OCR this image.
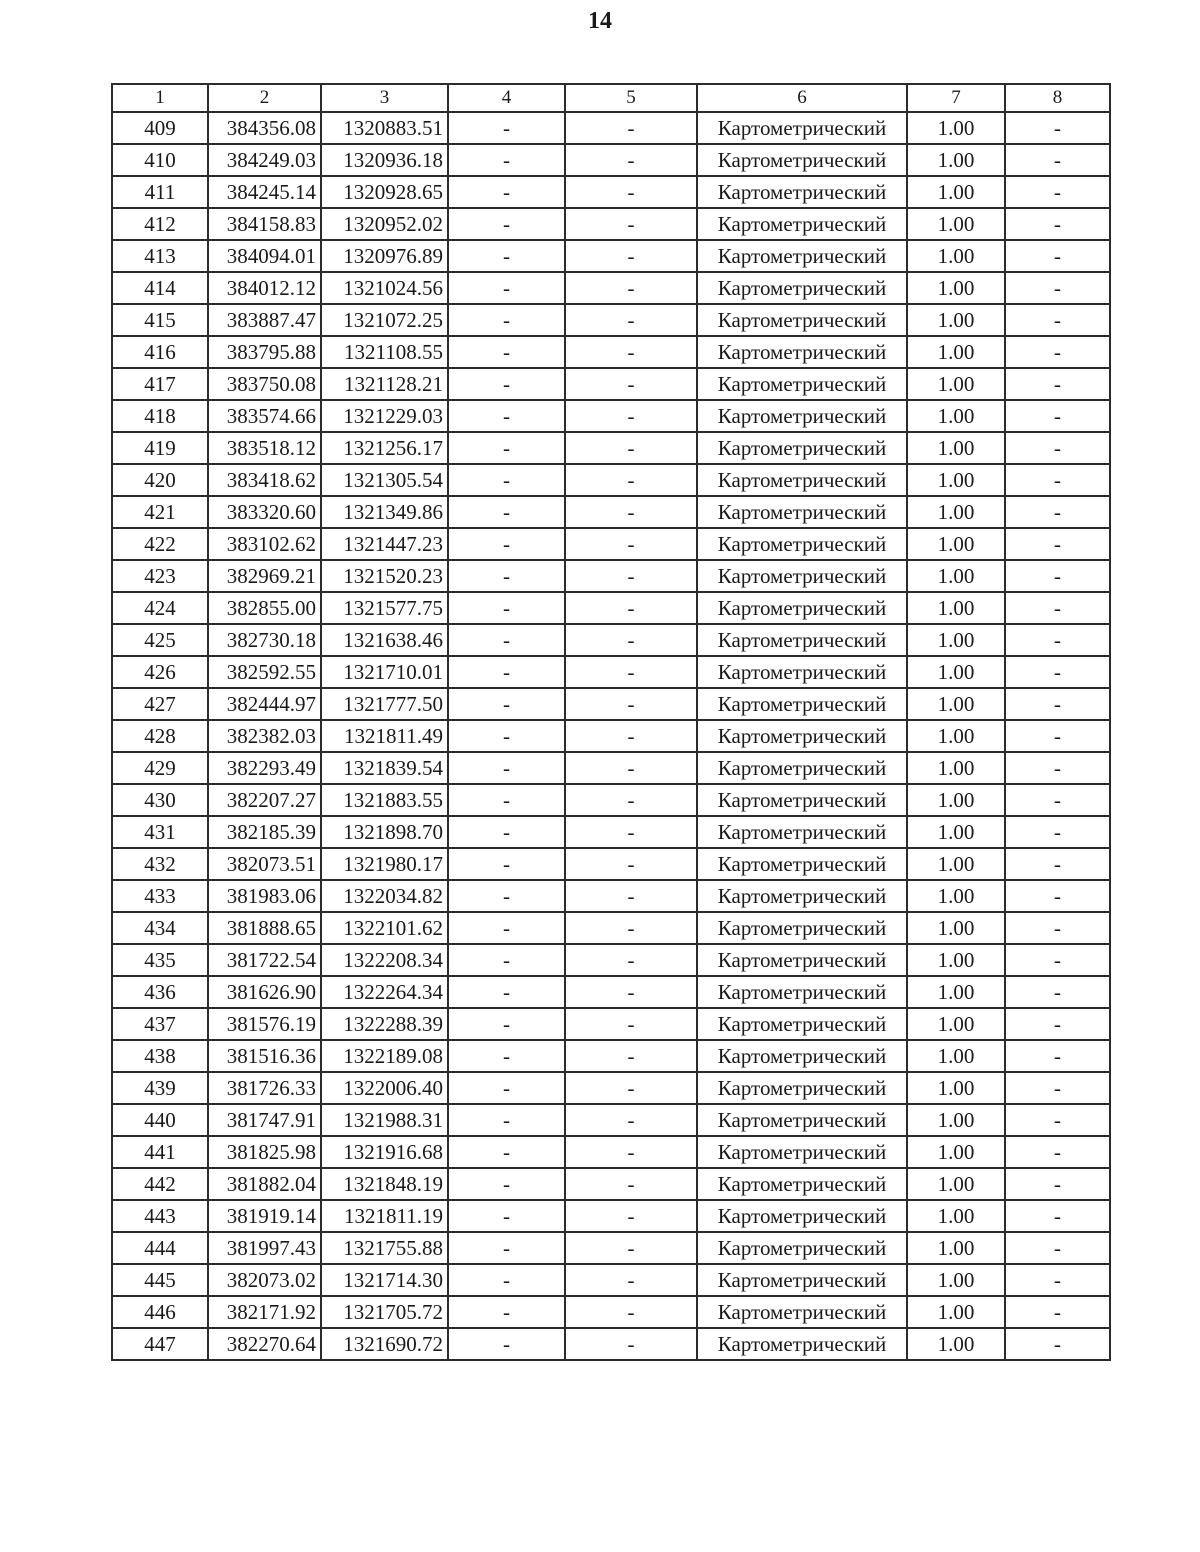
14
1	2	3	4	5	6	7	8
409	384356.08	1320883.51	-	-	Картометрический	1.00	-
410	384249.03	1320936.18	-	-	Картометрический	1.00	-
411	384245.14	1320928.65	-	-	Картометрический	1.00	-
412	384158.83	1320952.02	-	-	Картометрический	1.00	-
413	384094.01	1320976.89	-	-	Картометрический	1.00	-
414	384012.12	1321024.56	-	-	Картометрический	1.00	-
415	383887.47	1321072.25	-	-	Картометрический	1.00	-
416	383795.88	1321108.55	-	-	Картометрический	1.00	-
417	383750.08	1321128.21	-	-	Картометрический	1.00	-
418	383574.66	1321229.03	-	-	Картометрический	1.00	-
419	383518.12	1321256.17	-	-	Картометрический	1.00	-
420	383418.62	1321305.54	-	-	Картометрический	1.00	-
421	383320.60	1321349.86	-	-	Картометрический	1.00	-
422	383102.62	1321447.23	-	-	Картометрический	1.00	-
423	382969.21	1321520.23	-	-	Картометрический	1.00	-
424	382855.00	1321577.75	-	-	Картометрический	1.00	-
425	382730.18	1321638.46	-	-	Картометрический	1.00	-
426	382592.55	1321710.01	-	-	Картометрический	1.00	-
427	382444.97	1321777.50	-	-	Картометрический	1.00	-
428	382382.03	1321811.49	-	-	Картометрический	1.00	-
429	382293.49	1321839.54	-	-	Картометрический	1.00	-
430	382207.27	1321883.55	-	-	Картометрический	1.00	-
431	382185.39	1321898.70	-	-	Картометрический	1.00	-
432	382073.51	1321980.17	-	-	Картометрический	1.00	-
433	381983.06	1322034.82	-	-	Картометрический	1.00	-
434	381888.65	1322101.62	-	-	Картометрический	1.00	-
435	381722.54	1322208.34	-	-	Картометрический	1.00	-
436	381626.90	1322264.34	-	-	Картометрический	1.00	-
437	381576.19	1322288.39	-	-	Картометрический	1.00	-
438	381516.36	1322189.08	-	-	Картометрический	1.00	-
439	381726.33	1322006.40	-	-	Картометрический	1.00	-
440	381747.91	1321988.31	-	-	Картометрический	1.00	-
441	381825.98	1321916.68	-	-	Картометрический	1.00	-
442	381882.04	1321848.19	-	-	Картометрический	1.00	-
443	381919.14	1321811.19	-	-	Картометрический	1.00	-
444	381997.43	1321755.88	-	-	Картометрический	1.00	-
445	382073.02	1321714.30	-	-	Картометрический	1.00	-
446	382171.92	1321705.72	-	-	Картометрический	1.00	-
447	382270.64	1321690.72	-	-	Картометрический	1.00	-
